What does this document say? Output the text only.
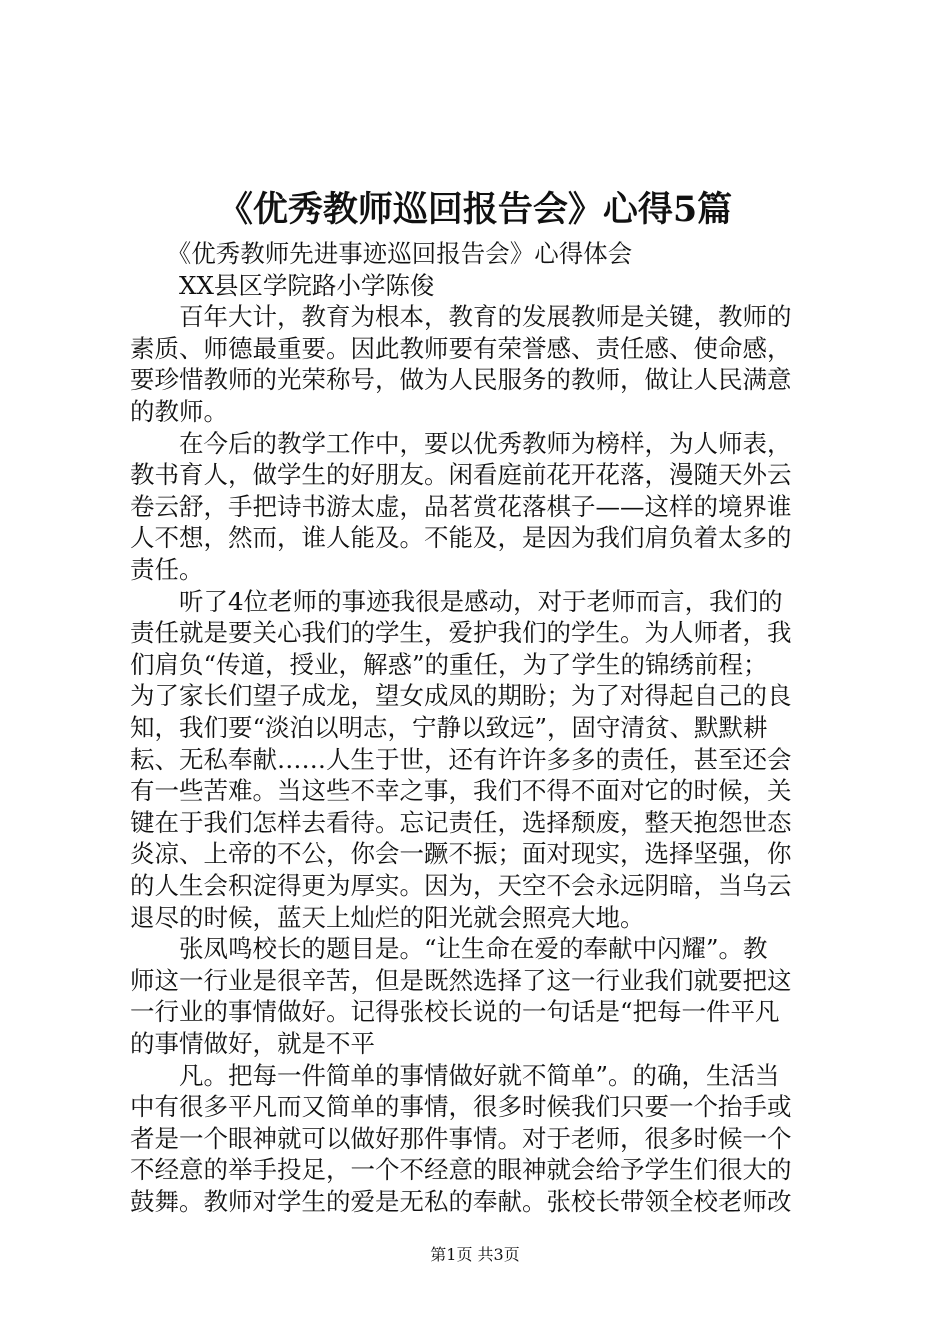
《优秀教师巡回报告会》心得5篇
　　《优秀教师先进事迹巡回报告会》心得体会
　　XX县区学院路小学陈俊
　　百年大计，教育为根本，教育的发展教师是关键，教师的
素质、师德最重要。因此教师要有荣誉感、责任感、使命感，
要珍惜教师的光荣称号，做为人民服务的教师，做让人民满意
的教师。
　　在今后的教学工作中，要以优秀教师为榜样，为人师表，
教书育人，做学生的好朋友。闲看庭前花开花落，漫随天外云
卷云舒，手把诗书游太虚，品茗赏花落棋子——这样的境界谁
人不想，然而，谁人能及。不能及，是因为我们肩负着太多的
责任。
　　听了4位老师的事迹我很是感动，对于老师而言，我们的
责任就是要关心我们的学生，爱护我们的学生。为人师者，我
们肩负“传道，授业，解惑”的重任，为了学生的锦绣前程；
为了家长们望子成龙，望女成凤的期盼；为了对得起自己的良
知，我们要“淡泊以明志，宁静以致远”，固守清贫、默默耕
耘、无私奉献……人生于世，还有许许多多的责任，甚至还会
有一些苦难。当这些不幸之事，我们不得不面对它的时候，关
键在于我们怎样去看待。忘记责任，选择颓废，整天抱怨世态
炎凉、上帝的不公，你会一蹶不振；面对现实，选择坚强，你
的人生会积淀得更为厚实。因为，天空不会永远阴暗，当乌云
退尽的时候，蓝天上灿烂的阳光就会照亮大地。
　　张凤鸣校长的题目是。“让生命在爱的奉献中闪耀”。教
师这一行业是很辛苦，但是既然选择了这一行业我们就要把这
一行业的事情做好。记得张校长说的一句话是“把每一件平凡
的事情做好，就是不平
　　凡。把每一件简单的事情做好就不简单”。的确，生活当
中有很多平凡而又简单的事情，很多时候我们只要一个抬手或
者是一个眼神就可以做好那件事情。对于老师，很多时候一个
不经意的举手投足，一个不经意的眼神就会给予学生们很大的
鼓舞。教师对学生的爱是无私的奉献。张校长带领全校老师改
第1页 共3页
